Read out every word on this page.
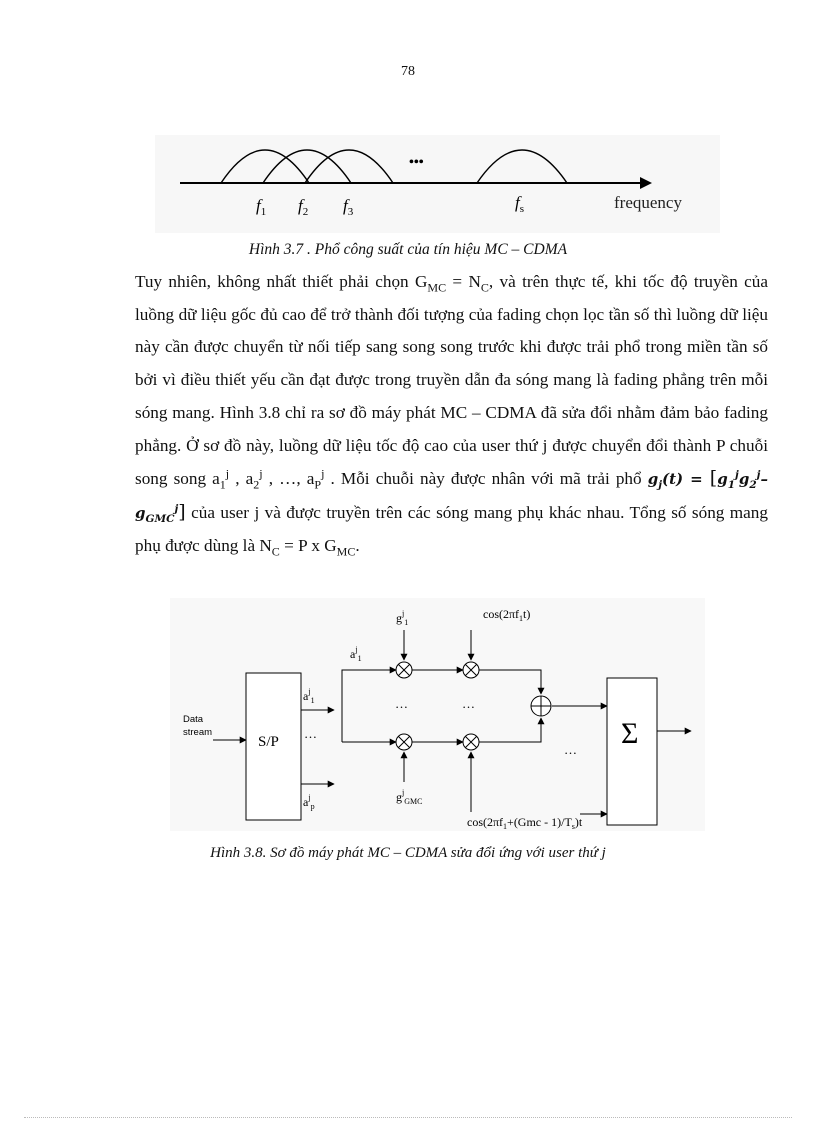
78
•••
$f_1$ $f_2$ $f_3$	$f_s$	frequency
Hình 3.7 . Phổ công suất của tín hiệu MC – CDMA

Tuy nhiên, không nhất thiết phải chọn $G_{MC} = N_C$, và trên thực tế, khi tốc độ truyền của luồng dữ liệu gốc đủ cao để trở thành đối tượng của fading chọn lọc tần số thì luồng dữ liệu này cần được chuyển từ nối tiếp sang song song trước khi được trải phổ trong miền tần số bởi vì điều thiết yếu cần đạt được trong truyền dẫn đa sóng mang là fading phẳng trên mỗi sóng mang. Hình 3.8 chỉ ra sơ đồ máy phát MC – CDMA đã sửa đổi nhằm đảm bảo fading phẳng. Ở sơ đồ này, luồng dữ liệu tốc độ cao của user thứ j được chuyển đổi thành P chuỗi song song $a_1^j$ , $a_2^j$ , …, $a_P^j$ . Mỗi chuỗi này được nhân với mã trải phổ $g_j(t) = [g_1^jg_2^j-g_{GMC}^j]$ của user j và được truyền trên các sóng mang phụ khác nhau. Tổng số sóng mang phụ được dùng là $N_C = P$ x $G_{MC}$.

Data
stream
S/P	Σ
$a^j_1$
$a^j_1$
$a^j_p$
…
…	…
…
$g^j_1$
$g^j_{GMC}$
$\cos(2\pi f_1t)$
$\cos(2\pi f_1+(Gmc - 1)/T_s)t$
Hình 3.8. Sơ đồ máy phát MC – CDMA sửa đổi ứng với user thứ j
